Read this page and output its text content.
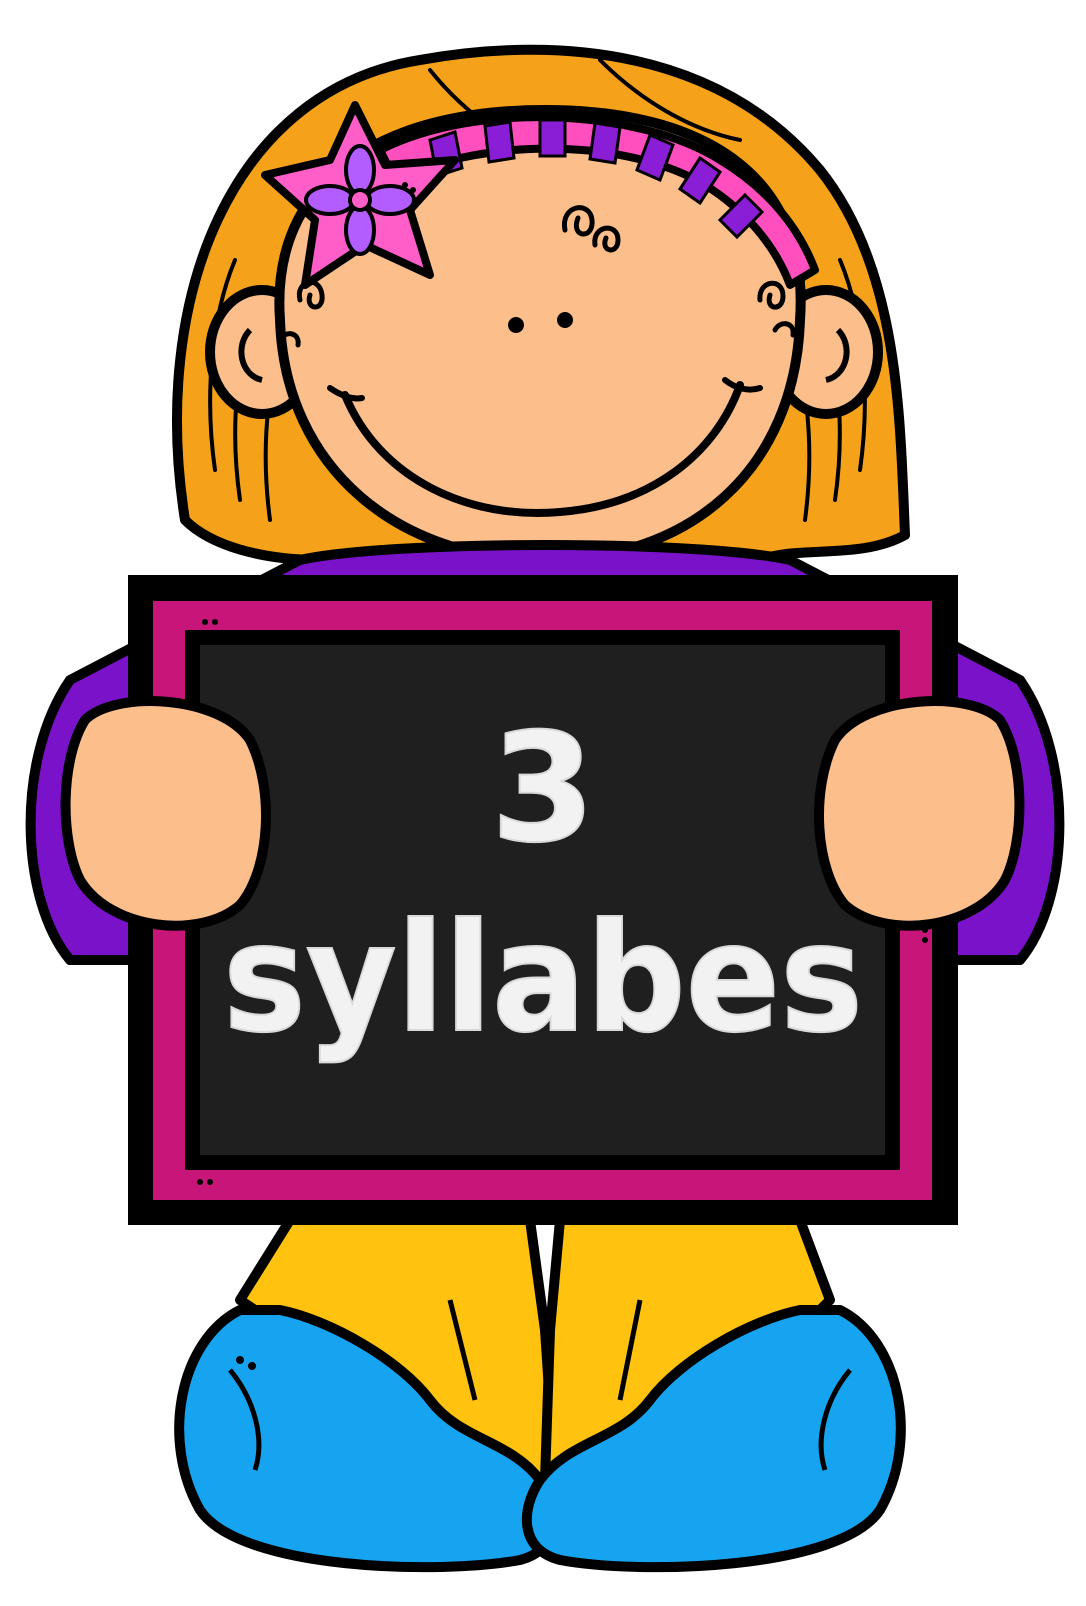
3
syllabes
